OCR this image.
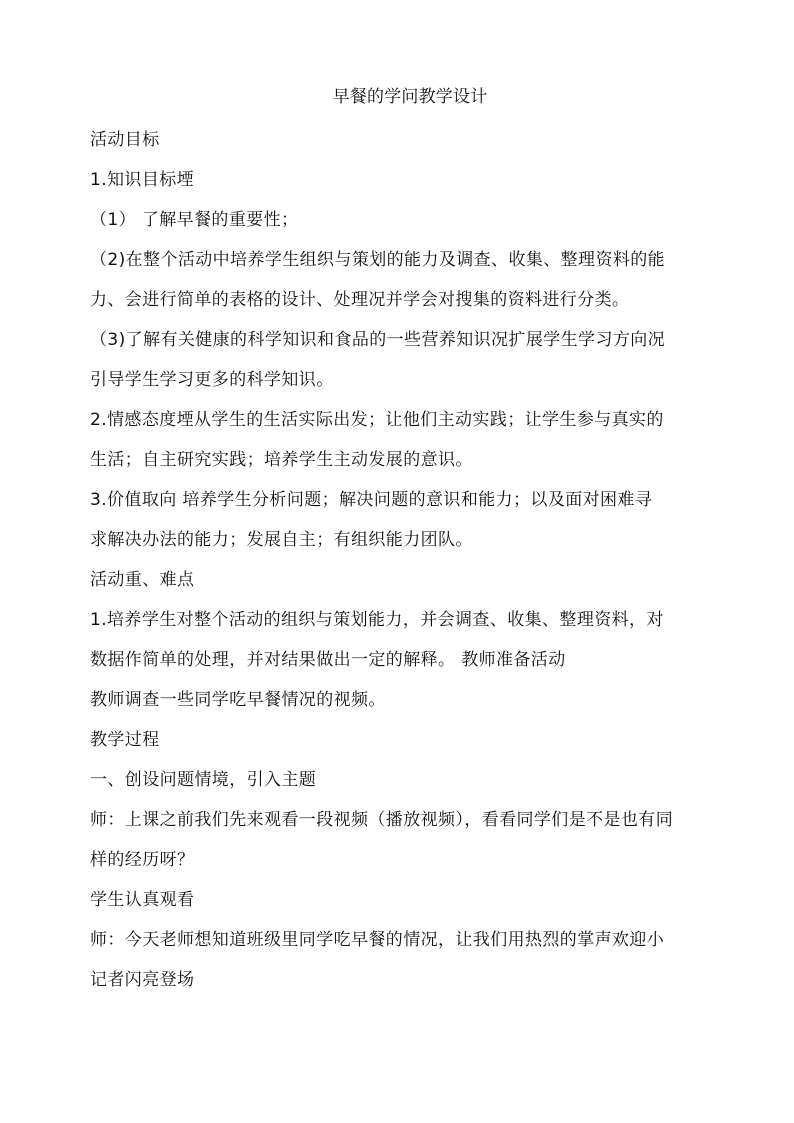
早餐的学问教学设计

活动目标

1.知识目标堙

（1） 了解早餐的重要性；

（2)在整个活动中培养学生组织与策划的能力及调查、收集、整理资料的能
力、会进行简单的表格的设计、处理况并学会对搜集的资料进行分类。
（3)了解有关健康的科学知识和食品的一些营养知识况扩展学生学习方向况
引导学生学习更多的科学知识。
2.情感态度堙从学生的生活实际出发；让他们主动实践；让学生参与真实的
生活；自主研究实践；培养学生主动发展的意识。
3.价值取向 培养学生分析问题；解决问题的意识和能力；以及面对困难寻
求解决办法的能力；发展自主；有组织能力团队。

活动重、难点

1.培养学生对整个活动的组织与策划能力，并会调查、收集、整理资料，对
数据作简单的处理，并对结果做出一定的解释。 教师准备活动

教师调查一些同学吃早餐情况的视频。

教学过程

一、创设问题情境，引入主题

师：上课之前我们先来观看一段视频（播放视频），看看同学们是不是也有同
样的经历呀？

学生认真观看

师：今天老师想知道班级里同学吃早餐的情况，让我们用热烈的掌声欢迎小
记者闪亮登场
